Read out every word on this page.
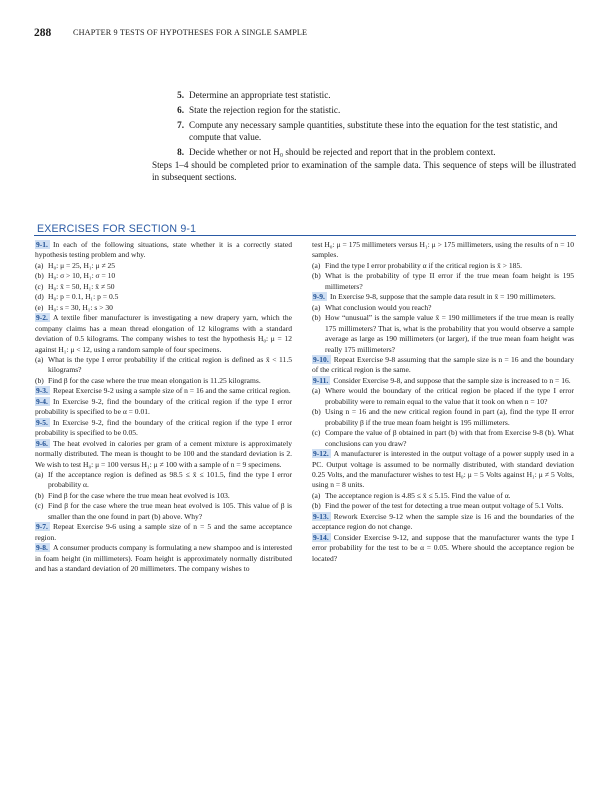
288	CHAPTER 9 TESTS OF HYPOTHESES FOR A SINGLE SAMPLE
5. Determine an appropriate test statistic.
6. State the rejection region for the statistic.
7. Compute any necessary sample quantities, substitute these into the equation for the test statistic, and compute that value.
8. Decide whether or not H₀ should be rejected and report that in the problem context.
Steps 1–4 should be completed prior to examination of the sample data. This sequence of steps will be illustrated in subsequent sections.
EXERCISES FOR SECTION 9-1
9-1. In each of the following situations, state whether it is a correctly stated hypothesis testing problem and why.
(a) H₀: μ = 25, H₁: μ ≠ 25
(b) H₀: σ > 10, H₁: σ = 10
(c) H₀: x̄ = 50, H₁: x̄ ≠ 50
(d) H₀: p = 0.1, H₁: p = 0.5
(e) H₀: s = 30, H₁: s > 30
9-2. A textile fiber manufacturer is investigating a new drapery yarn, which the company claims has a mean thread elongation of 12 kilograms with a standard deviation of 0.5 kilograms. The company wishes to test the hypothesis H₀: μ = 12 against H₁: μ < 12, using a random sample of four specimens.
(a) What is the type I error probability if the critical region is defined as x̄ < 11.5 kilograms?
(b) Find β for the case where the true mean elongation is 11.25 kilograms.
9-3. Repeat Exercise 9-2 using a sample size of n = 16 and the same critical region.
9-4. In Exercise 9-2, find the boundary of the critical region if the type I error probability is specified to be α = 0.01.
9-5. In Exercise 9-2, find the boundary of the critical region if the type I error probability is specified to be 0.05.
9-6. The heat evolved in calories per gram of a cement mixture is approximately normally distributed. The mean is thought to be 100 and the standard deviation is 2. We wish to test H₀: μ = 100 versus H₁: μ ≠ 100 with a sample of n = 9 specimens.
(a) If the acceptance region is defined as 98.5 ≤ x̄ ≤ 101.5, find the type I error probability α.
(b) Find β for the case where the true mean heat evolved is 103.
(c) Find β for the case where the true mean heat evolved is 105. This value of β is smaller than the one found in part (b) above. Why?
9-7. Repeat Exercise 9-6 using a sample size of n = 5 and the same acceptance region.
9-8. A consumer products company is formulating a new shampoo and is interested in foam height (in millimeters). Foam height is approximately normally distributed and has a standard deviation of 20 millimeters. The company wishes to
test H₀: μ = 175 millimeters versus H₁: μ > 175 millimeters, using the results of n = 10 samples.
(a) Find the type I error probability α if the critical region is x̄ > 185.
(b) What is the probability of type II error if the true mean foam height is 195 millimeters?
9-9. In Exercise 9-8, suppose that the sample data result in x̄ = 190 millimeters.
(a) What conclusion would you reach?
(b) How “unusual” is the sample value x̄ = 190 millimeters if the true mean is really 175 millimeters? That is, what is the probability that you would observe a sample average as large as 190 millimeters (or larger), if the true mean foam height was really 175 millimeters?
9-10. Repeat Exercise 9-8 assuming that the sample size is n = 16 and the boundary of the critical region is the same.
9-11. Consider Exercise 9-8, and suppose that the sample size is increased to n = 16.
(a) Where would the boundary of the critical region be placed if the type I error probability were to remain equal to the value that it took on when n = 10?
(b) Using n = 16 and the new critical region found in part (a), find the type II error probability β if the true mean foam height is 195 millimeters.
(c) Compare the value of β obtained in part (b) with that from Exercise 9-8 (b). What conclusions can you draw?
9-12. A manufacturer is interested in the output voltage of a power supply used in a PC. Output voltage is assumed to be normally distributed, with standard deviation 0.25 Volts, and the manufacturer wishes to test H₀: μ = 5 Volts against H₁: μ ≠ 5 Volts, using n = 8 units.
(a) The acceptance region is 4.85 ≤ x̄ ≤ 5.15. Find the value of α.
(b) Find the power of the test for detecting a true mean output voltage of 5.1 Volts.
9-13. Rework Exercise 9-12 when the sample size is 16 and the boundaries of the acceptance region do not change.
9-14. Consider Exercise 9-12, and suppose that the manufacturer wants the type I error probability for the test to be α = 0.05. Where should the acceptance region be located?
